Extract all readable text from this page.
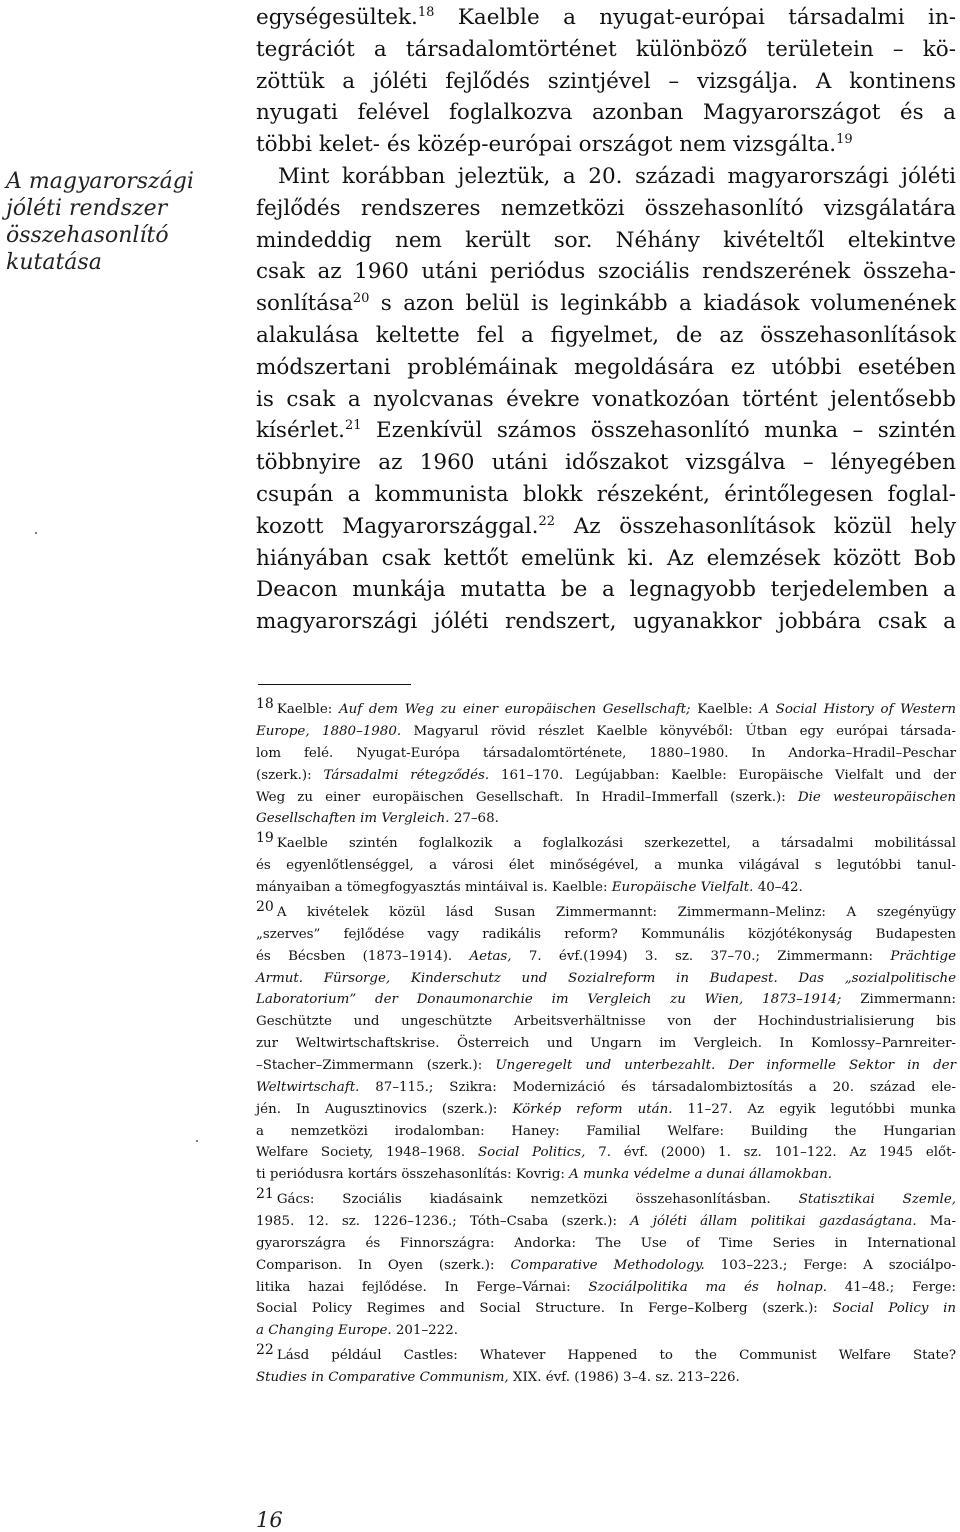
A magyarországi
jóléti rendszer
összehasonlító
kutatása
egységesültek.$^{18}$ Kaelble a nyugat-európai társadalmi in-
tegrációt a társadalomtörténet különböző területein – kö-
zöttük a jóléti fejlődés szintjével – vizsgálja. A kontinens
nyugati felével foglalkozva azonban Magyarországot és a
többi kelet- és közép-európai országot nem vizsgálta.$^{19}$
Mint korábban jeleztük, a 20. századi magyarországi jóléti
fejlődés rendszeres nemzetközi összehasonlító vizsgálatára
mindeddig nem került sor. Néhány kivételtől eltekintve
csak az 1960 utáni periódus szociális rendszerének összeha-
sonlítása$^{20}$ s azon belül is leginkább a kiadások volumenének
alakulása keltette fel a figyelmet, de az összehasonlítások
módszertani problémáinak megoldására ez utóbbi esetében
is csak a nyolcvanas évekre vonatkozóan történt jelentősebb
kísérlet.$^{21}$ Ezenkívül számos összehasonlító munka – szintén
többnyire az 1960 utáni időszakot vizsgálva – lényegében
csupán a kommunista blokk részeként, érintőlegesen foglal-
kozott Magyarországgal.$^{22}$ Az összehasonlítások közül hely
hiányában csak kettőt emelünk ki. Az elemzések között Bob
Deacon munkája mutatta be a legnagyobb terjedelemben a
magyarországi jóléti rendszert, ugyanakkor jobbára csak a
18 Kaelble: Auf dem Weg zu einer europäischen Gesellschaft; Kaelble: A Social History of Western
Europe, 1880–1980. Magyarul rövid részlet Kaelble könyvéből: Útban egy európai társada-
lom felé. Nyugat-Európa társadalomtörténete, 1880–1980. In Andorka–Hradil–Peschar
(szerk.): Társadalmi rétegződés. 161–170. Legújabban: Kaelble: Europäische Vielfalt und der
Weg zu einer europäischen Gesellschaft. In Hradil–Immerfall (szerk.): Die westeuropäischen
Gesellschaften im Vergleich. 27–68.
19 Kaelble szintén foglalkozik a foglalkozási szerkezettel, a társadalmi mobilitással
és egyenlőtlenséggel, a városi élet minőségével, a munka világával s legutóbbi tanul-
mányaiban a tömegfogyasztás mintáival is. Kaelble: Europäische Vielfalt. 40–42.
20 A kivételek közül lásd Susan Zimmermannt: Zimmermann–Melinz: A szegényügy
„szerves” fejlődése vagy radikális reform? Kommunális közjótékonyság Budapesten
és Bécsben (1873–1914). Aetas, 7. évf.(1994) 3. sz. 37–70.; Zimmermann: Prächtige
Armut. Fürsorge, Kinderschutz und Sozialreform in Budapest. Das „sozialpolitische
Laboratorium” der Donaumonarchie im Vergleich zu Wien, 1873–1914; Zimmermann:
Geschützte und ungeschützte Arbeitsverhältnisse von der Hochindustrialisierung bis
zur Weltwirtschaftskrise. Österreich und Ungarn im Vergleich. In Komlossy–Parnreiter-
–Stacher–Zimmermann (szerk.): Ungeregelt und unterbezahlt. Der informelle Sektor in der
Weltwirtschaft. 87–115.; Szikra: Modernizáció és társadalombiztosítás a 20. század ele-
jén. In Augusztinovics (szerk.): Körkép reform után. 11–27. Az egyik legutóbbi munka
a nemzetközi irodalomban: Haney: Familial Welfare: Building the Hungarian
Welfare Society, 1948–1968. Social Politics, 7. évf. (2000) 1. sz. 101–122. Az 1945 előt-
ti periódusra kortárs összehasonlítás: Kovrig: A munka védelme a dunai államokban.
21 Gács: Szociális kiadásaink nemzetközi összehasonlításban. Statisztikai Szemle,
1985. 12. sz. 1226–1236.; Tóth–Csaba (szerk.): A jóléti állam politikai gazdaságtana. Ma-
gyarországra és Finnországra: Andorka: The Use of Time Series in International
Comparison. In Oyen (szerk.): Comparative Methodology. 103–223.; Ferge: A szociálpo-
litika hazai fejlődése. In Ferge–Várnai: Szociálpolitika ma és holnap. 41–48.; Ferge:
Social Policy Regimes and Social Structure. In Ferge–Kolberg (szerk.): Social Policy in
a Changing Europe. 201–222.
22 Lásd például Castles: Whatever Happened to the Communist Welfare State?
Studies in Comparative Communism, XIX. évf. (1986) 3–4. sz. 213–226.
16
